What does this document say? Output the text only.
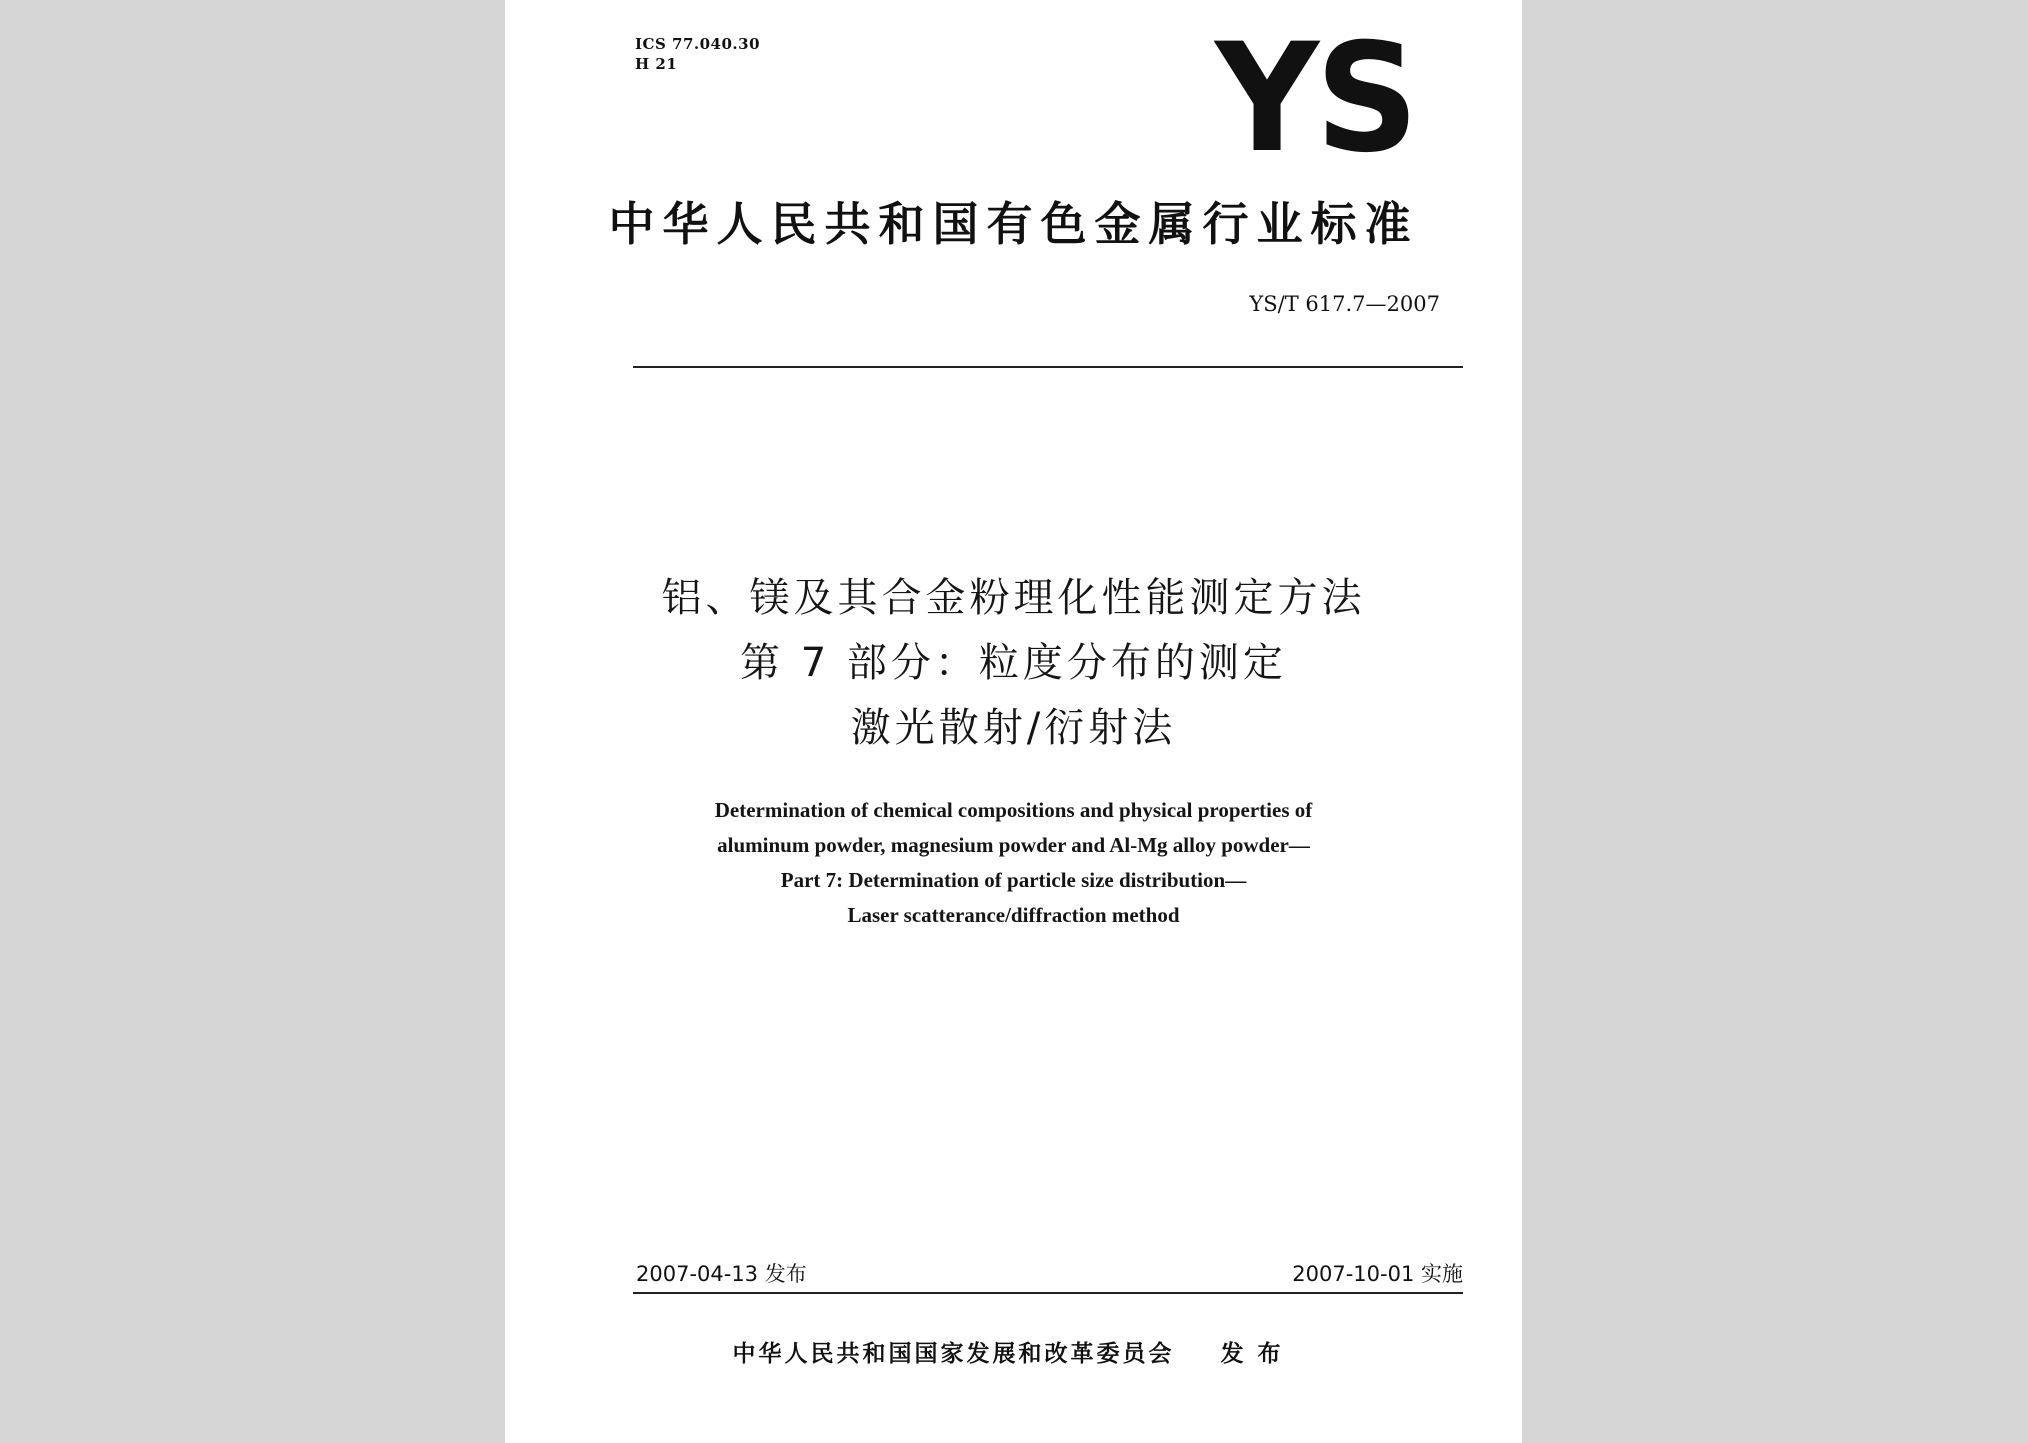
ICS 77.040.30
H 21	YS
中华人民共和国有色金属行业标准
YS/T 617.7—2007
铝、镁及其合金粉理化性能测定方法
第 7 部分：粒度分布的测定
激光散射/衍射法
Determination of chemical compositions and physical properties of
aluminum powder, magnesium powder and Al-Mg alloy powder—
Part 7: Determination of particle size distribution—
Laser scatterance/diffraction method
2007-04-13 发布	2007-10-01 实施
中华人民共和国国家发展和改革委员会 发布
